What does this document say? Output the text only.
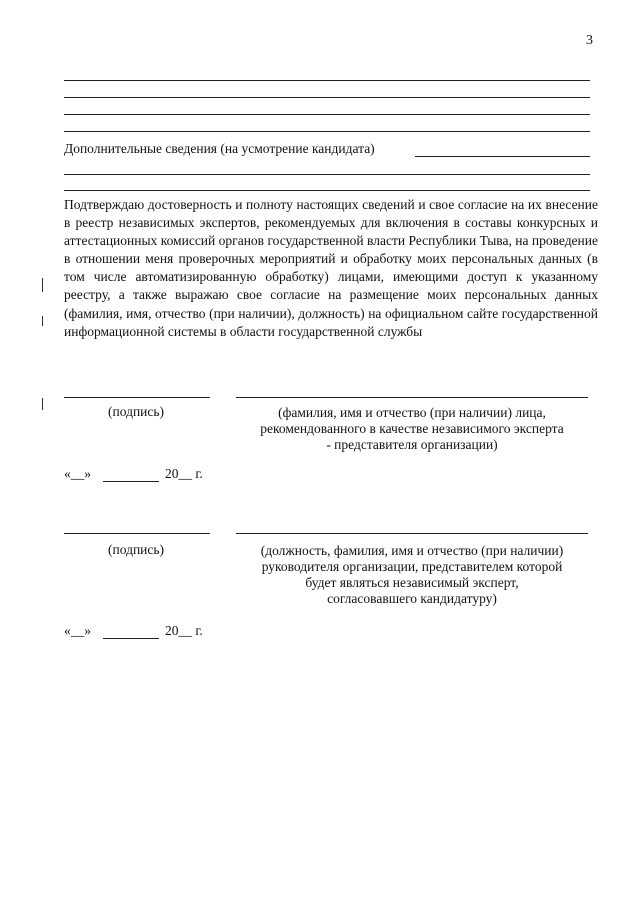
3
Дополнительные сведения (на усмотрение кандидата)
Подтверждаю достоверность и полноту настоящих сведений и свое согласие на их внесение в реестр независимых экспертов, рекомендуемых для включения в составы конкурсных и аттестационных комиссий органов государственной власти Республики Тыва, на проведение в отношении меня проверочных мероприятий и обработку моих персональных данных (в том числе автоматизированную обработку) лицами, имеющими доступ к указанному реестру, а также выражаю свое согласие на размещение моих персональных данных (фамилия, имя, отчество (при наличии), должность) на официальном сайте государственной информационной системы в области государственной службы
(подпись)	(фамилия, имя и отчество (при наличии) лица,
рекомендованного в качестве независимого эксперта
- представителя организации)
«__»	20__ г.
(подпись)	(должность, фамилия, имя и отчество (при наличии)
руководителя организации, представителем которой
будет являться независимый эксперт,
согласовавшего кандидатуру)
«__»	20__ г.
